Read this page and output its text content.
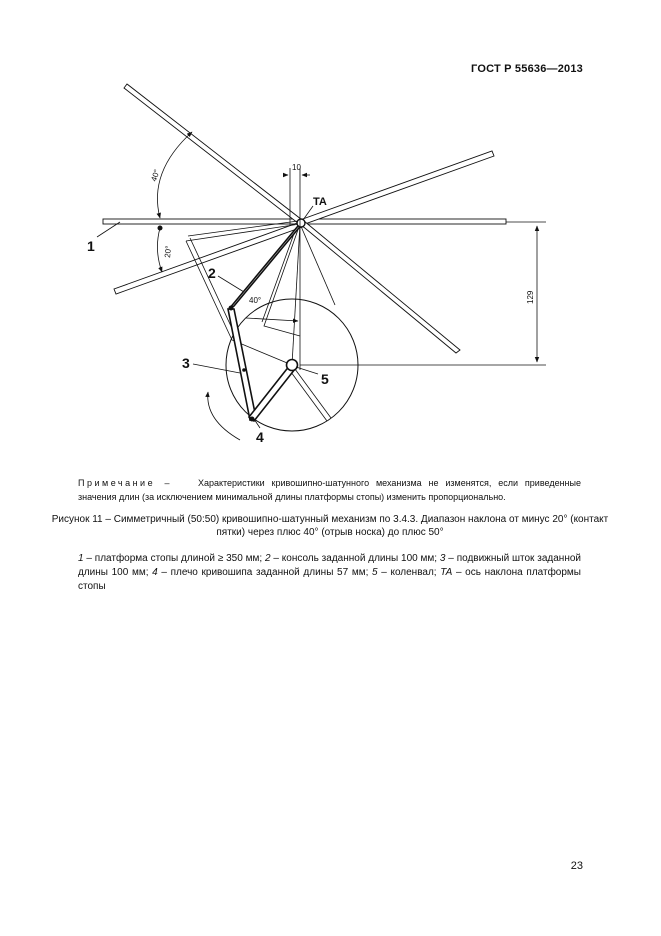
ГОСТ Р 55636—2013
40°
20°
40°
10
129
TA
1
2
3
4
5
Примечание –	Характеристики кривошипно-шатунного механизма не изменятся, если приведенные значения длин (за исключением минимальной длины платформы стопы) изменить пропорционально.
Рисунок 11 – Симметричный (50:50) кривошипно-шатунный механизм по 3.4.3. Диапазон наклона от минус 20° (контакт пятки) через плюс 40° (отрыв носка) до плюс 50°
1 – платформа стопы длиной ≥ 350 мм; 2 – консоль заданной длины 100 мм; 3 – подвижный шток заданной длины 100 мм; 4 – плечо кривошипа заданной длины 57 мм; 5 – коленвал; TA – ось наклона платформы стопы
23
